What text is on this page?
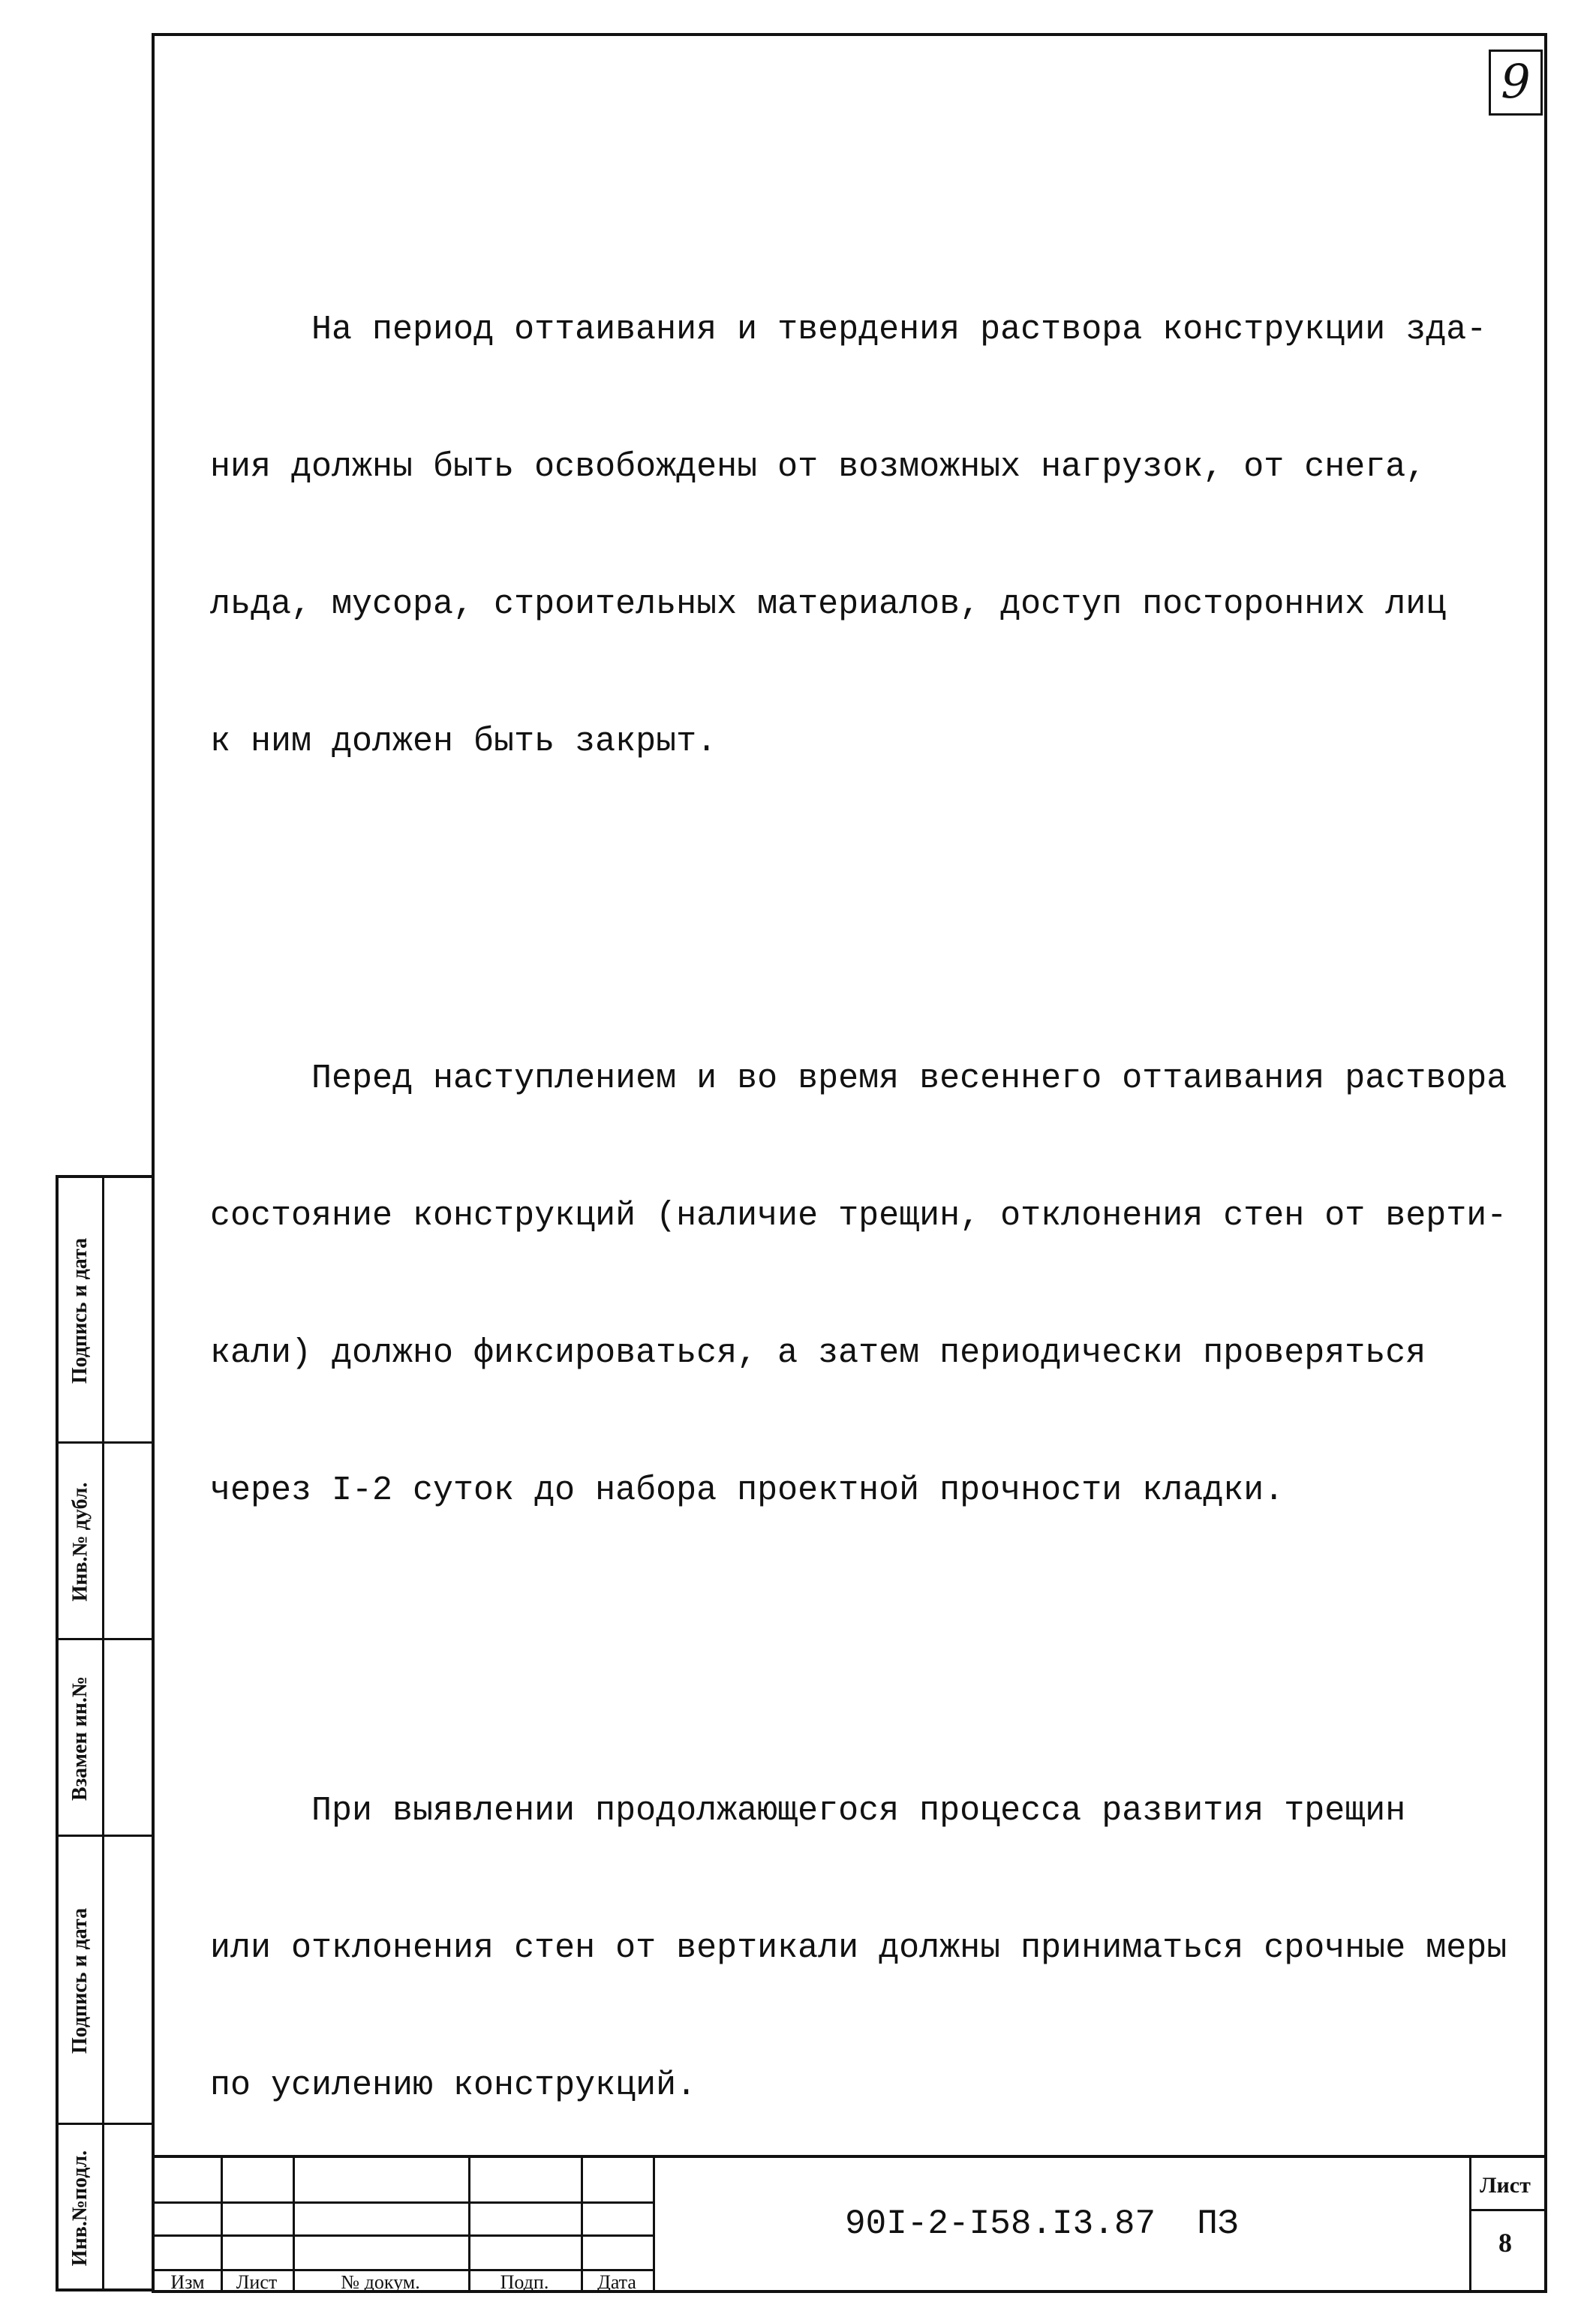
9

На период оттаивания и твердения раствора конструкции зда-

ния должны быть освобождены от возможных нагрузок, от снега,

льда, мусора, строительных материалов, доступ посторонних лиц

к ним должен быть закрыт.

Перед наступлением и во время весеннего оттаивания раствора

состояние конструкций (наличие трещин, отклонения стен от верти-

кали) должно фиксироваться, а затем периодически проверяться

через I-2 суток до набора проектной прочности кладки.

При выявлении продолжающегося процесса развития трещин

или отклонения стен от вертикали должны приниматься срочные меры

по усилению конструкций.

Подпись и дата
Инв.№ дубл.
Взамен ин.№
Подпись и дата
Инв.№подл.
Изм	Лист	№ докум.	Подп.	Дата
90I-2-I58.I3.87  ПЗ
Лист
8
